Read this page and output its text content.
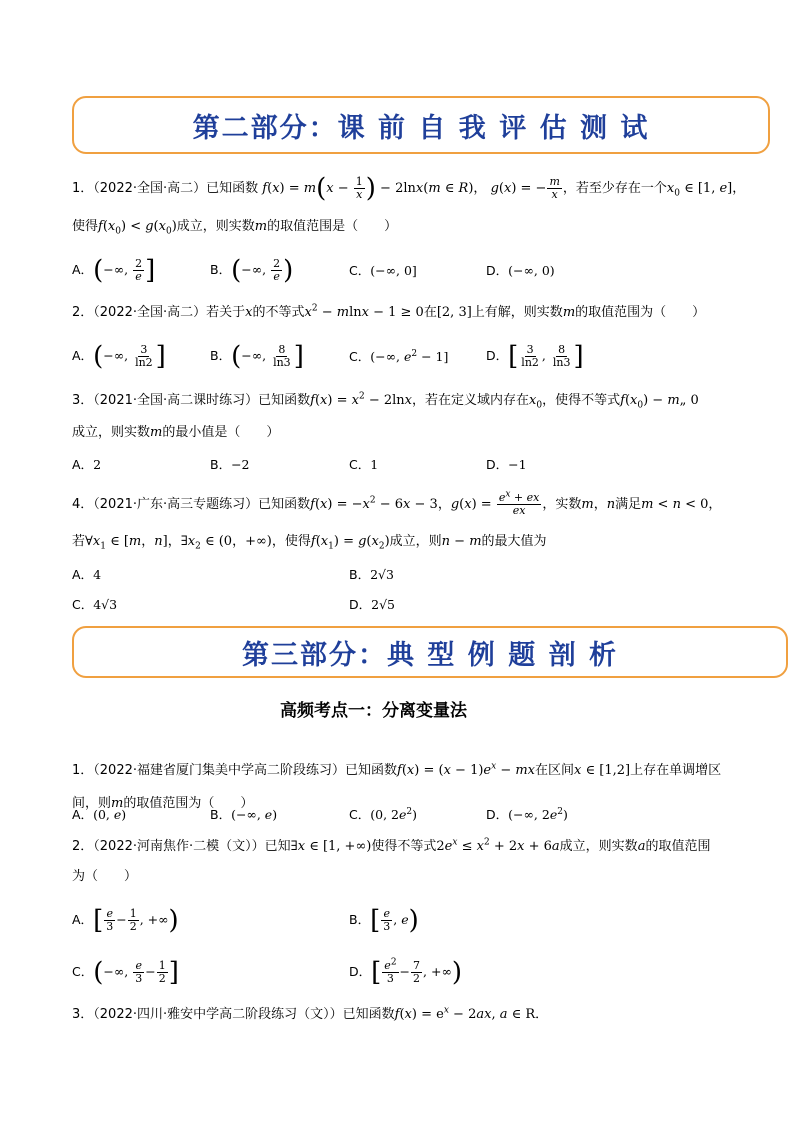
第二部分：课 前 自 我 评 估 测 试
1．（2022·全国·高二）已知函数 $f(x) = m(x - \frac{1}{x}$ ) − 2lnx(m ∈ R)， g(x) = − $\frac{m}{x}$ ，若至少存在一个$x_0$ ∈ [1, e]，
使得$f(x_0) < g(x_0)$成立，则实数m的取值范围是（　　）
A．(−∞, $\frac{2}{e}$ ]	B．(−∞, $\frac{2}{e}$ )	C．(−∞, 0]	D．(−∞, 0)
2．（2022·全国·高二）若关于x的不等式$x^2 - mlnx - 1 \ge 0$在[2, 3]上有解，则实数m的取值范围为（　　）
A．(−∞, $\frac{3}{\ln 2}$ ]	B．(−∞, $\frac{8}{\ln 3}$ ]	C．(−∞, $e^2 - 1$]	D．[ $\frac{3}{\ln 2}$ , $\frac{8}{\ln 3}$ ]
3．（2021·全国·高二课时练习）已知函数$f(x) = x^2 - 2\ln x$，若在定义域内存在$x_0$，使得不等式$f(x_0)$ − m„ 0
成立，则实数m的最小值是（　　）
A．2	B．−2	C．1	D．−1
4．（2021·广东·高三专题练习）已知函数$f(x) = -x^2 - 6x - 3$，$g(x) = \frac{e^x + ex}{ex}$ ，实数m，n满足m < n < 0，
若$\forall x_1$ ∈ [m，n]，$\exists x_2$ ∈ (0，+∞)，使得$f(x_1) = g(x_2)$成立，则n − m的最大值为
A．4	B．2√3
C．4√3	D．2√5
第三部分：典 型 例 题 剖 析
高频考点一：分离变量法
1．（2022·福建省厦门集美中学高二阶段练习）已知函数$f(x) = (x - 1)e^x$ − mx在区间x ∈ [1,2]上存在单调增区
间，则m的取值范围为（　　）
A．(0, e)	B．(−∞, e)	C．(0, $2e^2$)	D．(−∞, $2e^2$)
2．（2022·河南焦作·二模（文））已知∃x ∈ [1, +∞)使得不等式$2e^x \le x^2 + 2x + 6a$成立，则实数a的取值范围
为（　　）
A．[ $\frac{e}{3} - \frac{1}{2}$ , +∞)	B．[ $\frac{e}{3}$ , e)
C．(−∞, $\frac{e}{3} - \frac{1}{2}$ ]	D．[ $\frac{e^2}{3} - \frac{7}{2}$ , +∞)
3．（2022·四川·雅安中学高二阶段练习（文））已知函数$f(x) = e^x - 2ax$, a ∈ R．
